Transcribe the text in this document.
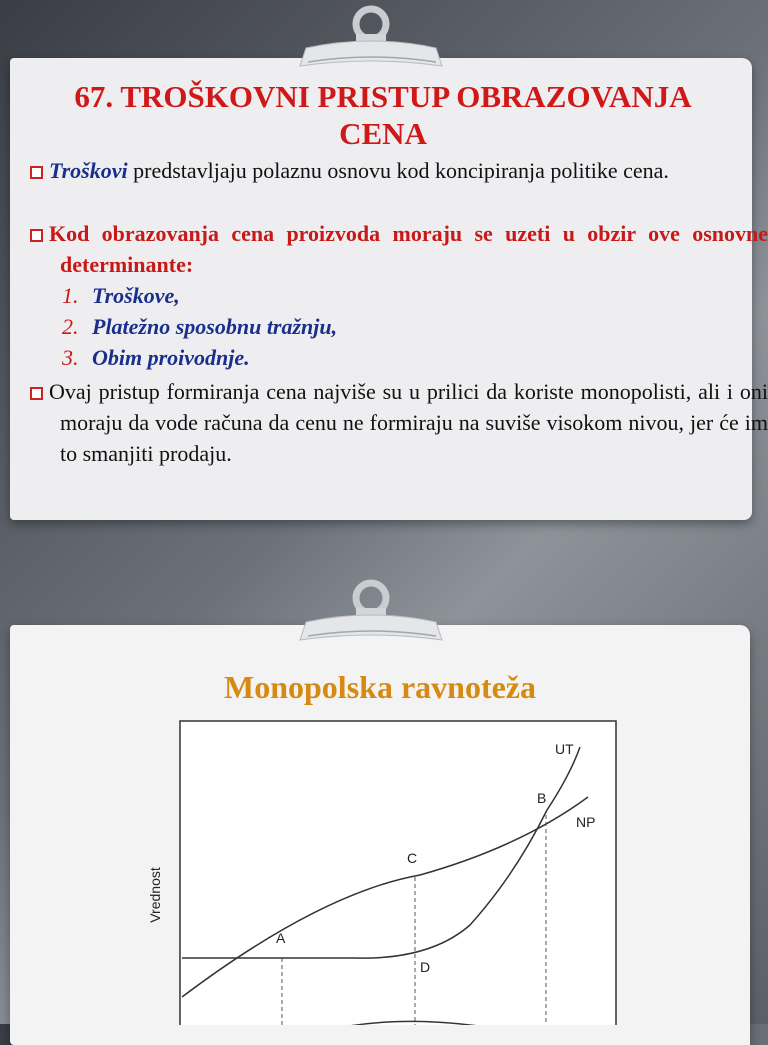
67. TROŠKOVNI PRISTUP OBRAZOVANJA CENA
Troškovi predstavljaju polaznu osnovu kod koncipiranja politike cena.
Kod obrazovanja cena proizvoda moraju se uzeti u obzir ove osnovne determinante:
1. Troškove,
2. Platežno sposobnu tražnju,
3. Obim proivodnje.
Ovaj pristup formiranja cena najviše su u prilici da koriste monopolisti, ali i oni moraju da vode računa da cenu ne formiraju na suviše visokom nivou, jer će im to smanjiti prodaju.
Monopolska ravnoteža
Vrednost
UT
NP
B
C
A
D
